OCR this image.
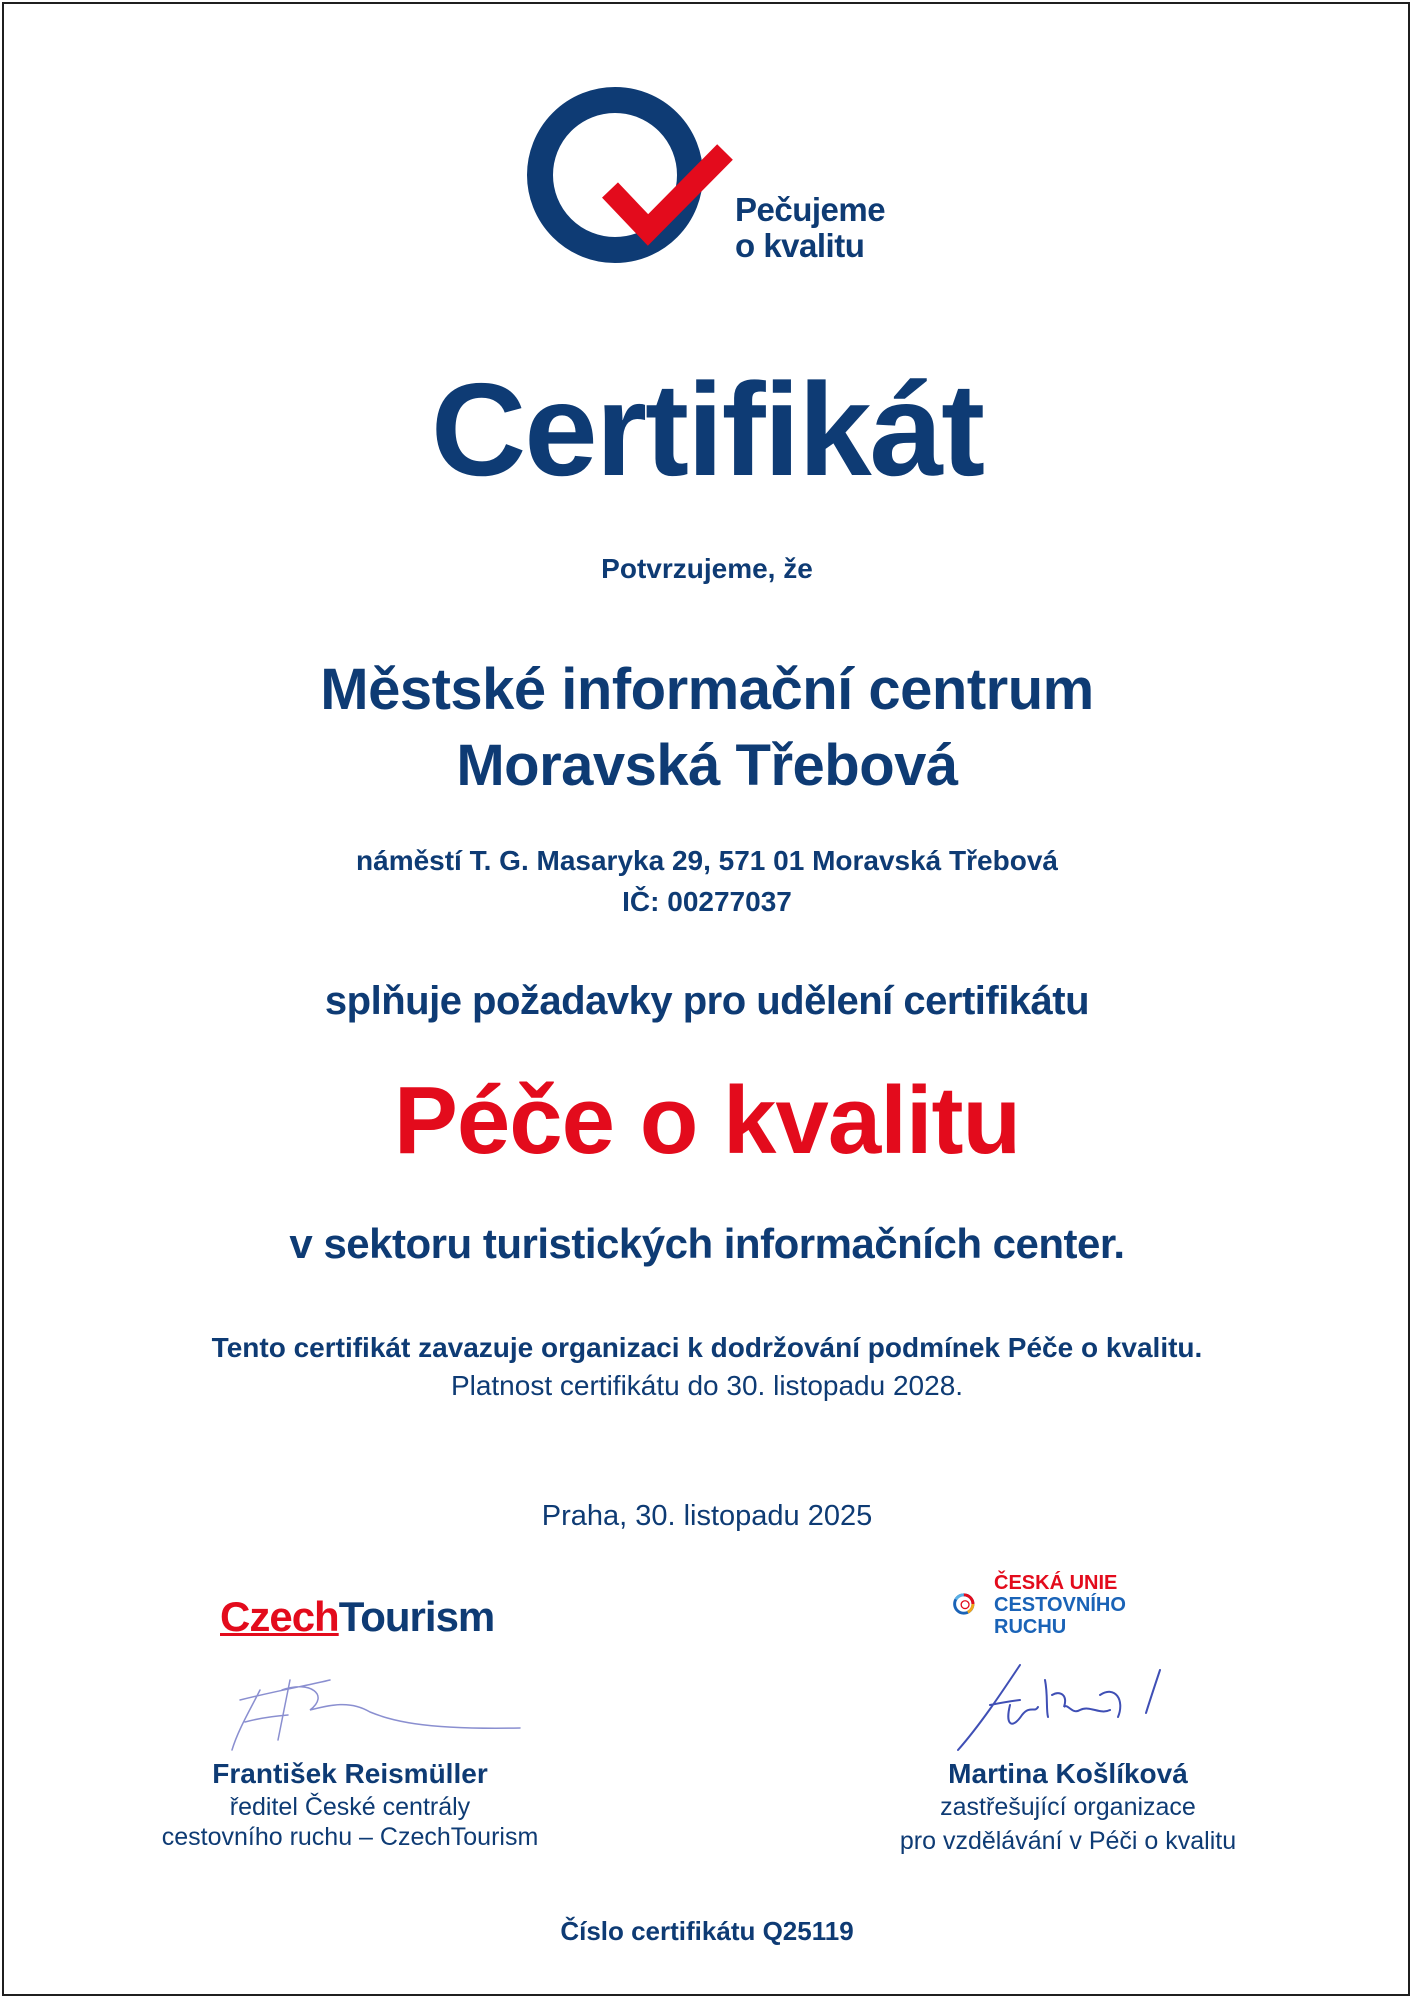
Pečujeme
o kvalitu
Certifikát
Potvrzujeme, že
Městské informační centrum
Moravská Třebová
náměstí T. G. Masaryka 29, 571 01 Moravská Třebová
IČ: 00277037
splňuje požadavky pro udělení certifikátu
Péče o kvalitu
v sektoru turistických informačních center.
Tento certifikát zavazuje organizaci k dodržování podmínek Péče o kvalitu.
Platnost certifikátu do 30. listopadu 2028.
Praha, 30. listopadu 2025
CzechTourism
ČESKÁ UNIE
CESTOVNÍHO
RUCHU
František Reismüller
ředitel České centrály
cestovního ruchu – CzechTourism
Martina Košlíková
zastřešující organizace
pro vzdělávání v Péči o kvalitu
Číslo certifikátu Q25119
